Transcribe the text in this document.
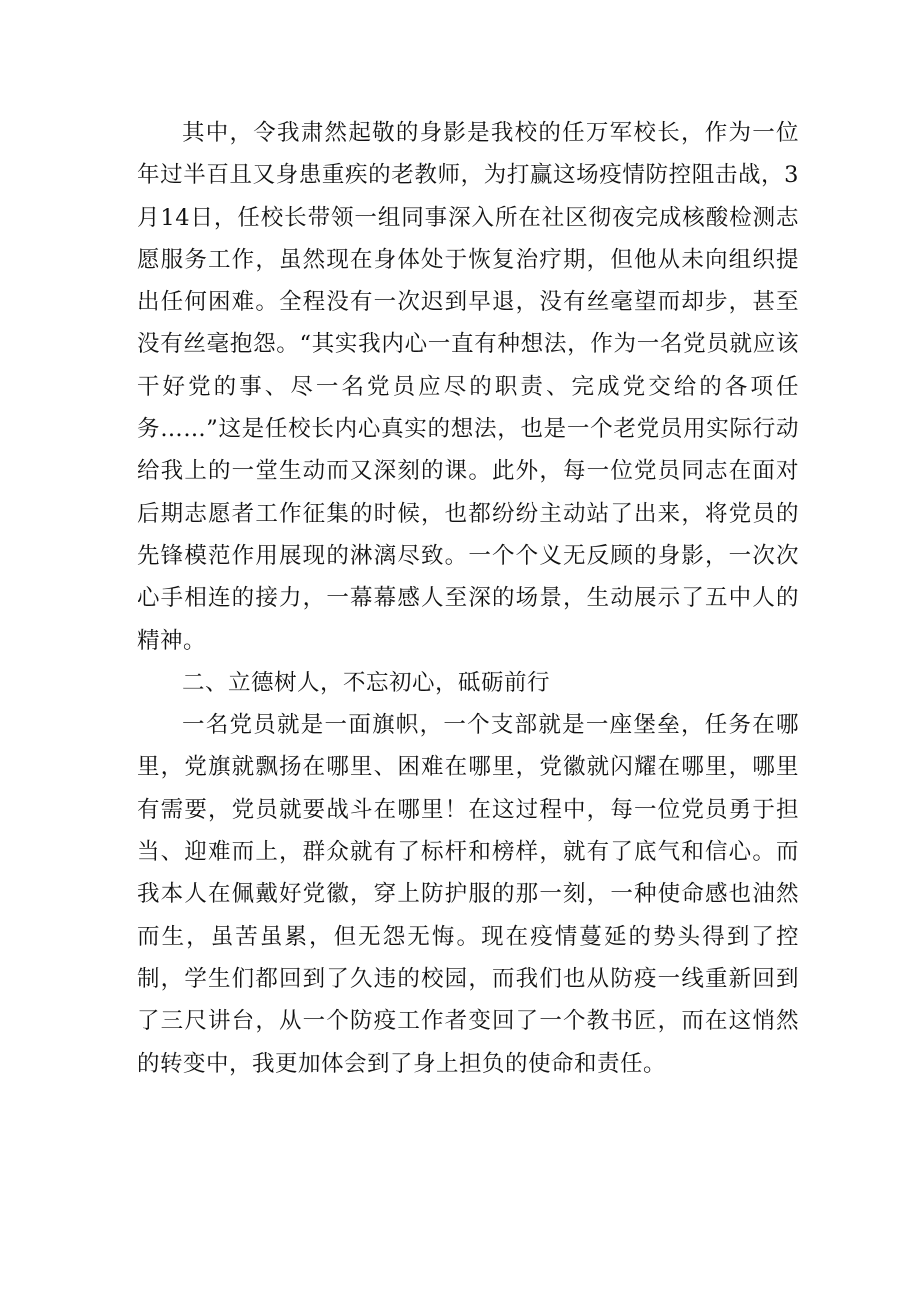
其中，令我肃然起敬的身影是我校的任万军校长，作为一位年过半百且又身患重疾的老教师，为打赢这场疫情防控阻击战，3月14日，任校长带领一组同事深入所在社区彻夜完成核酸检测志愿服务工作，虽然现在身体处于恢复治疗期，但他从未向组织提出任何困难。全程没有一次迟到早退，没有丝毫望而却步，甚至没有丝毫抱怨。“其实我内心一直有种想法，作为一名党员就应该干好党的事、尽一名党员应尽的职责、完成党交给的各项任务……”这是任校长内心真实的想法，也是一个老党员用实际行动给我上的一堂生动而又深刻的课。此外，每一位党员同志在面对后期志愿者工作征集的时候，也都纷纷主动站了出来，将党员的先锋模范作用展现的淋漓尽致。一个个义无反顾的身影，一次次心手相连的接力，一幕幕感人至深的场景，生动展示了五中人的精神。

二、立德树人，不忘初心，砥砺前行

一名党员就是一面旗帜，一个支部就是一座堡垒，任务在哪里，党旗就飘扬在哪里、困难在哪里，党徽就闪耀在哪里，哪里有需要，党员就要战斗在哪里！在这过程中，每一位党员勇于担当、迎难而上，群众就有了标杆和榜样，就有了底气和信心。而我本人在佩戴好党徽，穿上防护服的那一刻，一种使命感也油然而生，虽苦虽累，但无怨无悔。现在疫情蔓延的势头得到了控制，学生们都回到了久违的校园，而我们也从防疫一线重新回到了三尺讲台，从一个防疫工作者变回了一个教书匠，而在这悄然的转变中，我更加体会到了身上担负的使命和责任。
